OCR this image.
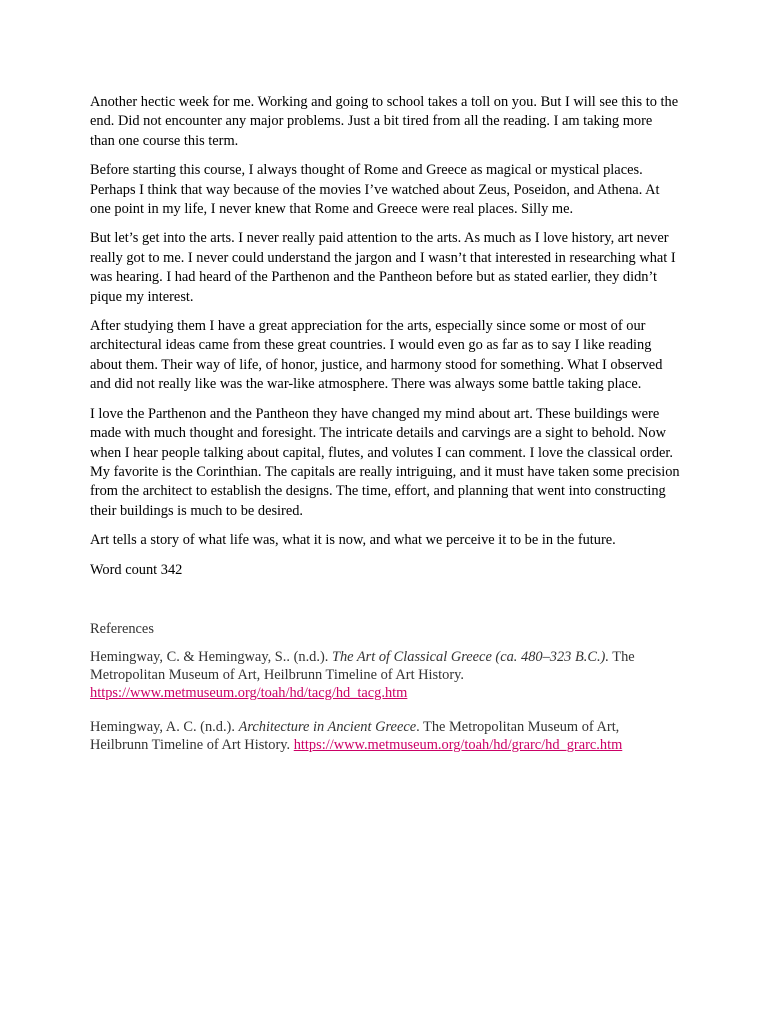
Another hectic week for me. Working and going to school takes a toll on you. But I will see this to the end. Did not encounter any major problems. Just a bit tired from all the reading. I am taking more than one course this term.

Before starting this course, I always thought of Rome and Greece as magical or mystical places. Perhaps I think that way because of the movies I’ve watched about Zeus, Poseidon, and Athena. At one point in my life, I never knew that Rome and Greece were real places. Silly me.

But let’s get into the arts. I never really paid attention to the arts. As much as I love history, art never really got to me. I never could understand the jargon and I wasn’t that interested in researching what I was hearing. I had heard of the Parthenon and the Pantheon before but as stated earlier, they didn’t pique my interest.

After studying them I have a great appreciation for the arts, especially since some or most of our architectural ideas came from these great countries. I would even go as far as to say I like reading about them. Their way of life, of honor, justice, and harmony stood for something. What I observed and did not really like was the war-like atmosphere. There was always some battle taking place.

I love the Parthenon and the Pantheon they have changed my mind about art. These buildings were made with much thought and foresight. The intricate details and carvings are a sight to behold. Now when I hear people talking about capital, flutes, and volutes I can comment. I love the classical order. My favorite is the Corinthian. The capitals are really intriguing, and it must have taken some precision from the architect to establish the designs. The time, effort, and planning that went into constructing their buildings is much to be desired.

Art tells a story of what life was, what it is now, and what we perceive it to be in the future.

Word count 342

References

Hemingway, C. & Hemingway, S.. (n.d.). The Art of Classical Greece (ca. 480–323 B.C.). The Metropolitan Museum of Art, Heilbrunn Timeline of Art History. https://www.metmuseum.org/toah/hd/tacg/hd_tacg.htm

Hemingway, A. C. (n.d.). Architecture in Ancient Greece. The Metropolitan Museum of Art, Heilbrunn Timeline of Art History. https://www.metmuseum.org/toah/hd/grarc/hd_grarc.htm
